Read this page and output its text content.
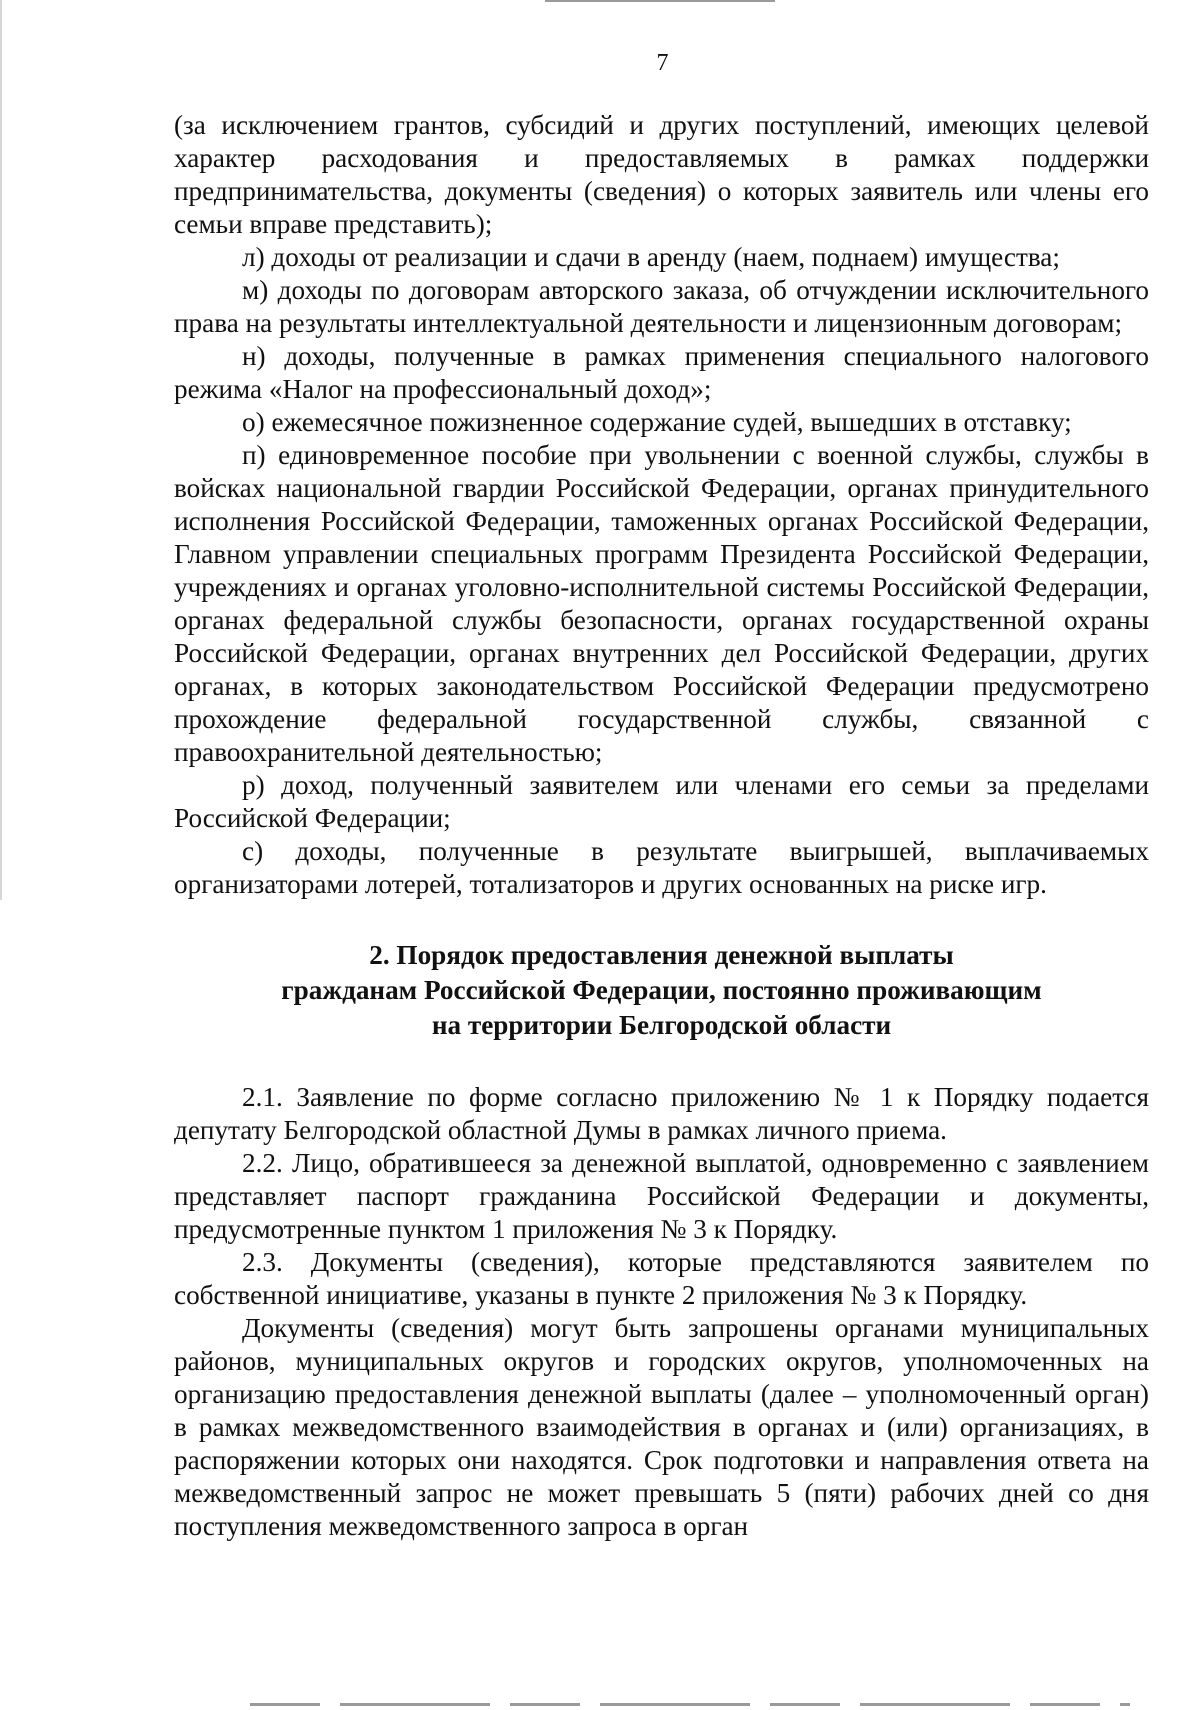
7

(за исключением грантов, субсидий и других поступлений, имеющих целевой характер расходования и предоставляемых в рамках поддержки предпринимательства, документы (сведения) о которых заявитель или члены его семьи вправе представить);

л) доходы от реализации и сдачи в аренду (наем, поднаем) имущества;

м) доходы по договорам авторского заказа, об отчуждении исключительного права на результаты интеллектуальной деятельности и лицензионным договорам;

н) доходы, полученные в рамках применения специального налогового режима «Налог на профессиональный доход»;

о) ежемесячное пожизненное содержание судей, вышедших в отставку;

п) единовременное пособие при увольнении с военной службы, службы в войсках национальной гвардии Российской Федерации, органах принудительного исполнения Российской Федерации, таможенных органах Российской Федерации, Главном управлении специальных программ Президента Российской Федерации, учреждениях и органах уголовно-исполнительной системы Российской Федерации, органах федеральной службы безопасности, органах государственной охраны Российской Федерации, органах внутренних дел Российской Федерации, других органах, в которых законодательством Российской Федерации предусмотрено прохождение федеральной государственной службы, связанной с правоохранительной деятельностью;

р) доход, полученный заявителем или членами его семьи за пределами Российской Федерации;

с) доходы, полученные в результате выигрышей, выплачиваемых организаторами лотерей, тотализаторов и других основанных на риске игр.

2. Порядок предоставления денежной выплаты
гражданам Российской Федерации, постоянно проживающим
на территории Белгородской области

2.1. Заявление по форме согласно приложению № 1 к Порядку подается депутату Белгородской областной Думы в рамках личного приема.

2.2. Лицо, обратившееся за денежной выплатой, одновременно с заявлением представляет паспорт гражданина Российской Федерации и документы, предусмотренные пунктом 1 приложения № 3 к Порядку.

2.3. Документы (сведения), которые представляются заявителем по собственной инициативе, указаны в пункте 2 приложения № 3 к Порядку.

Документы (сведения) могут быть запрошены органами муниципальных районов, муниципальных округов и городских округов, уполномоченных на организацию предоставления денежной выплаты (далее – уполномоченный орган) в рамках межведомственного взаимодействия в органах и (или) организациях, в распоряжении которых они находятся. Срок подготовки и направления ответа на межведомственный запрос не может превышать 5 (пяти) рабочих дней со дня поступления межведомственного запроса в орган
